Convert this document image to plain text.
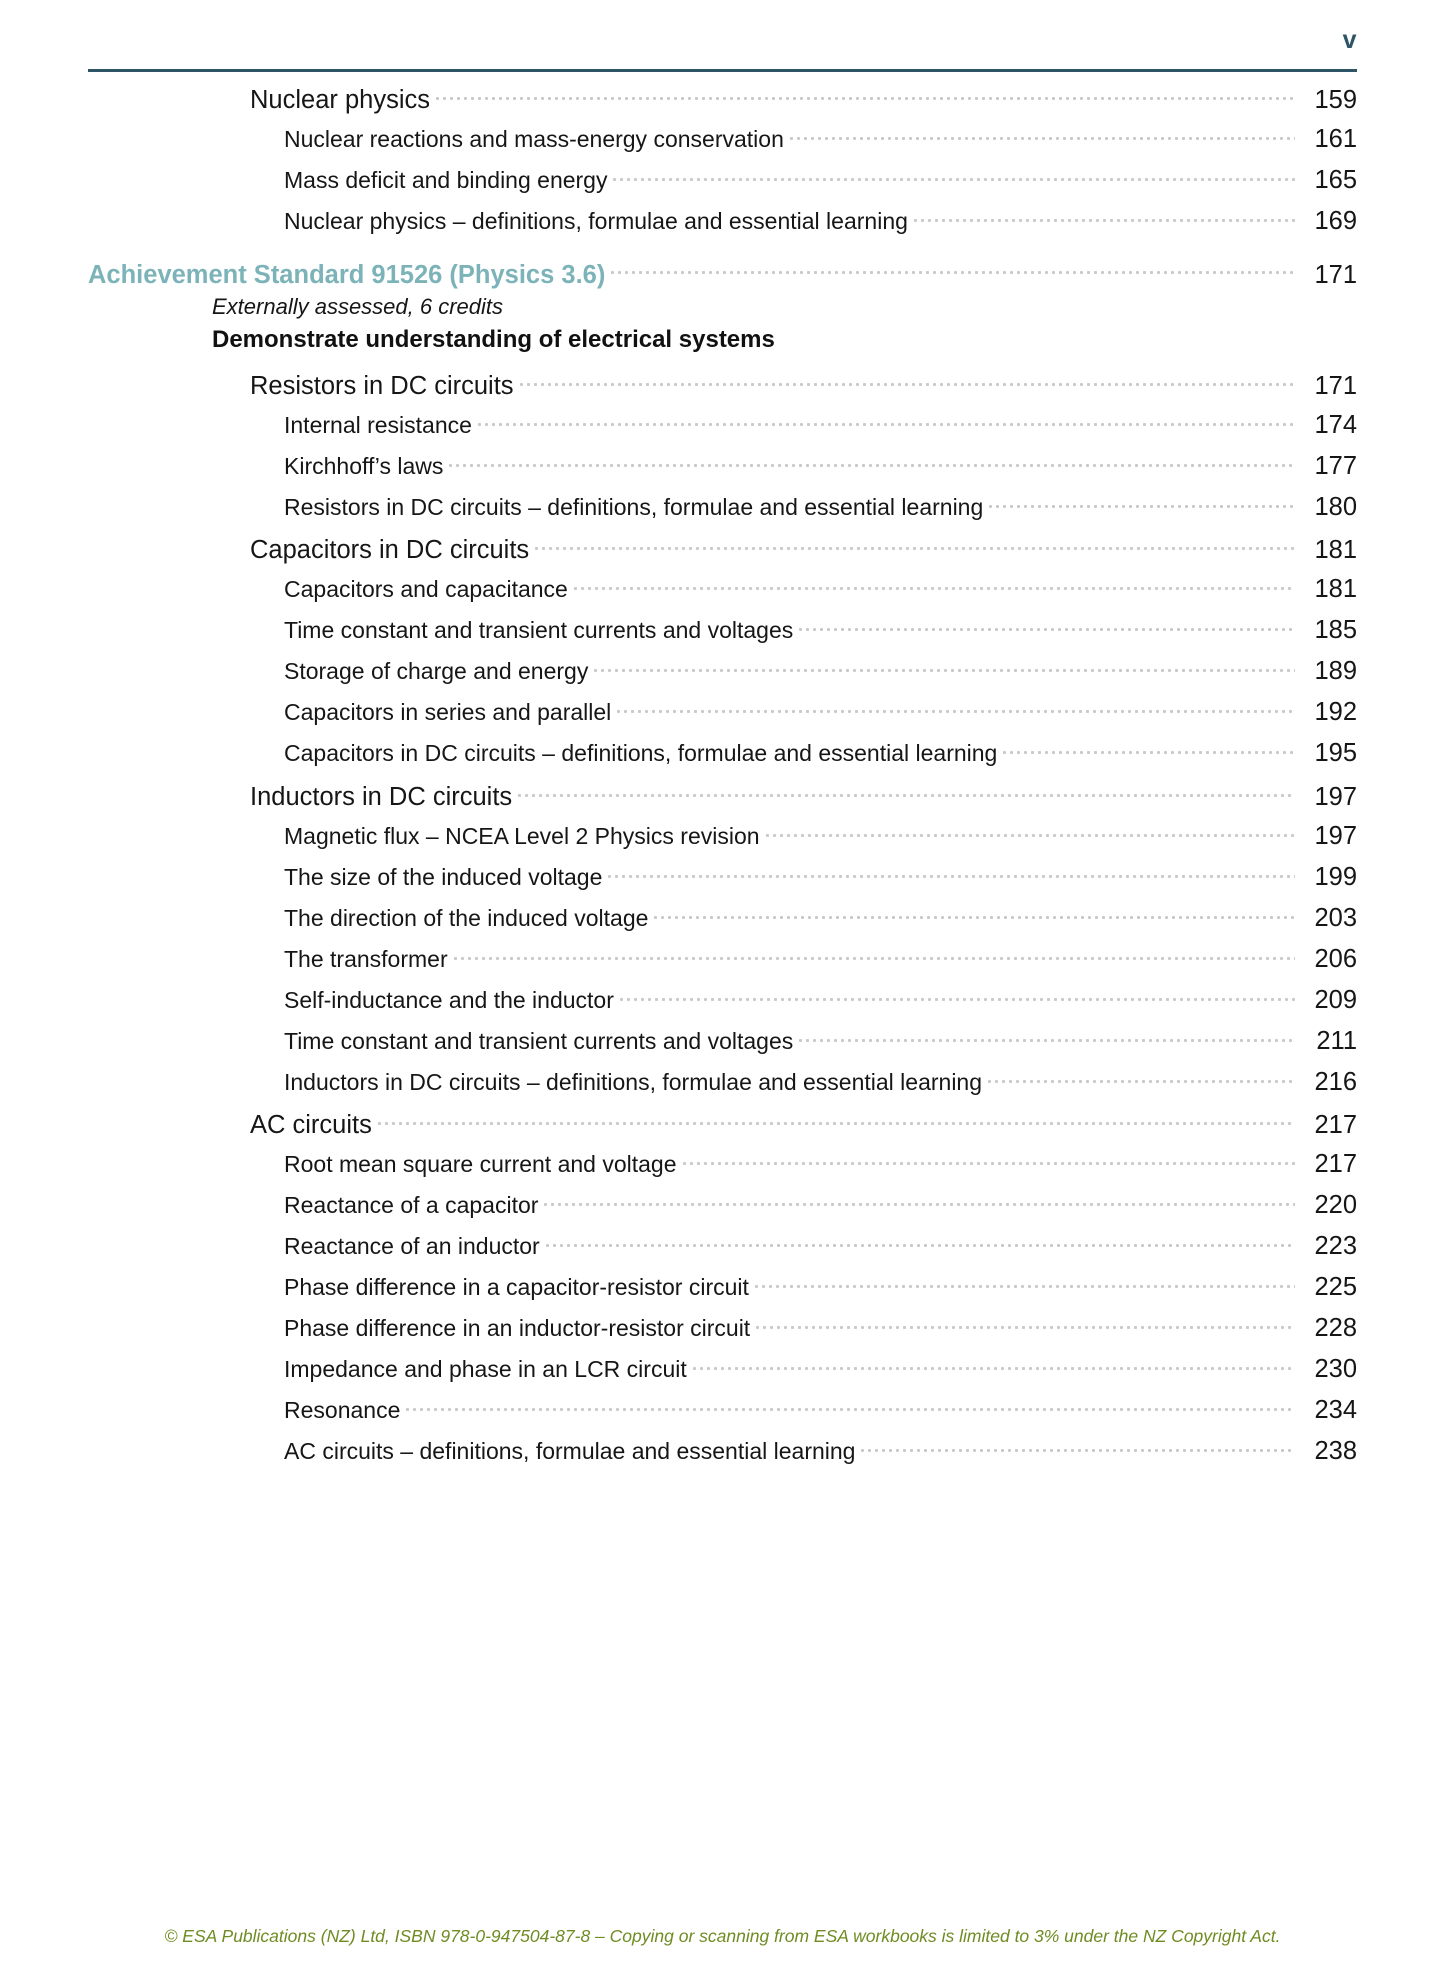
v
Nuclear physics	159
Nuclear reactions and mass-energy conservation	161
Mass deficit and binding energy	165
Nuclear physics – definitions, formulae and essential learning	169
Achievement Standard 91526 (Physics 3.6)	171
Externally assessed, 6 credits
Demonstrate understanding of electrical systems
Resistors in DC circuits	171
Internal resistance	174
Kirchhoff’s laws	177
Resistors in DC circuits – definitions, formulae and essential learning	180
Capacitors in DC circuits	181
Capacitors and capacitance	181
Time constant and transient currents and voltages	185
Storage of charge and energy	189
Capacitors in series and parallel	192
Capacitors in DC circuits – definitions, formulae and essential learning	195
Inductors in DC circuits	197
Magnetic flux – NCEA Level 2 Physics revision	197
The size of the induced voltage	199
The direction of the induced voltage	203
The transformer	206
Self-inductance and the inductor	209
Time constant and transient currents and voltages	211
Inductors in DC circuits – definitions, formulae and essential learning	216
AC circuits	217
Root mean square current and voltage	217
Reactance of a capacitor	220
Reactance of an inductor	223
Phase difference in a capacitor-resistor circuit	225
Phase difference in an inductor-resistor circuit	228
Impedance and phase in an LCR circuit	230
Resonance	234
AC circuits – definitions, formulae and essential learning	238
© ESA Publications (NZ) Ltd, ISBN 978-0-947504-87-8 – Copying or scanning from ESA workbooks is limited to 3% under the NZ Copyright Act.
